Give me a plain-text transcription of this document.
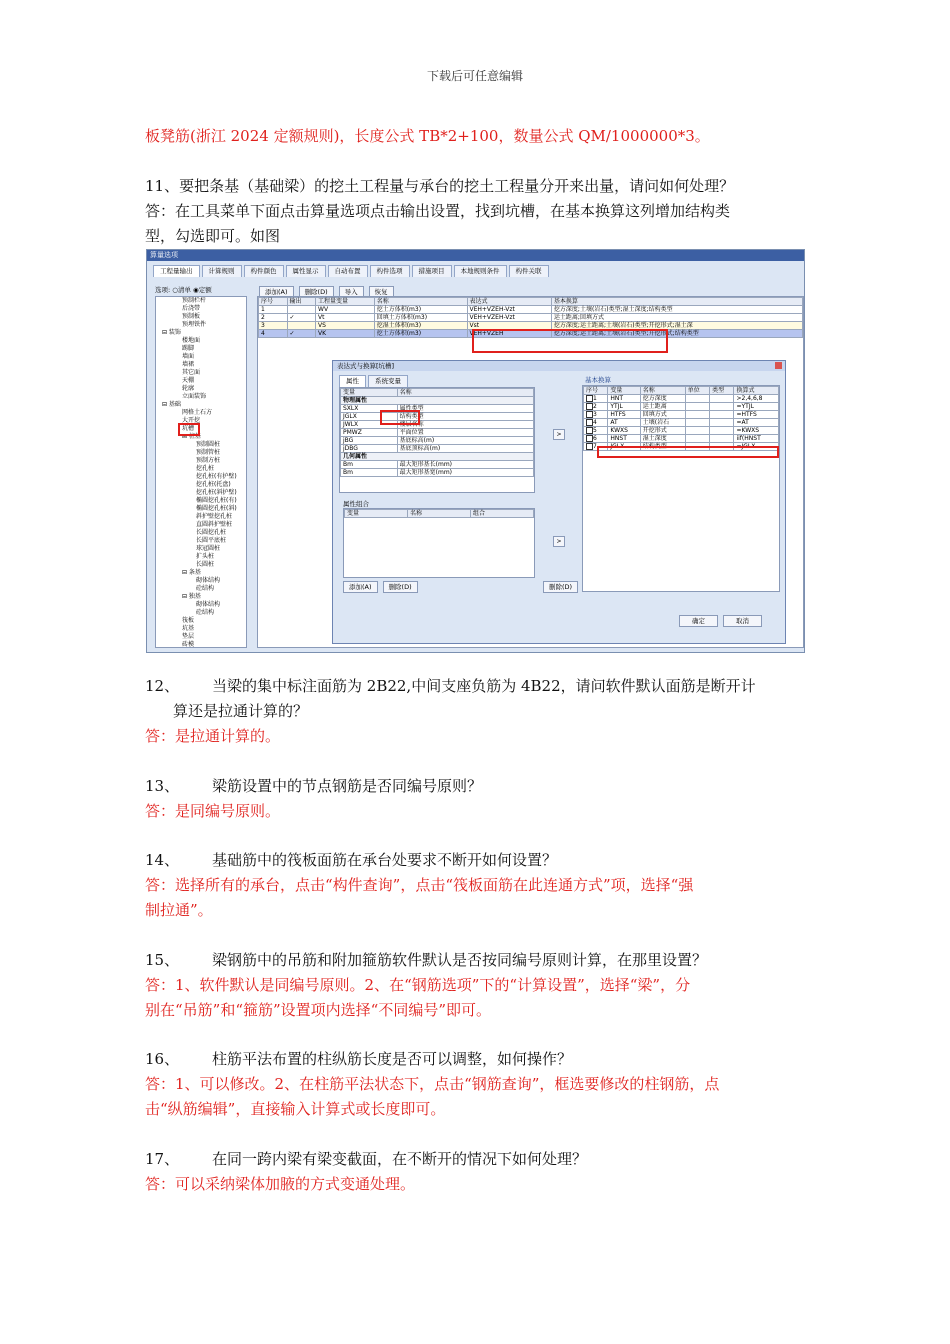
下载后可任意编辑
板凳筋(浙江 2024 定额规则)，长度公式 TB*2+100，数量公式 QM/1000000*3。
11、要把条基（基础梁）的挖土工程量与承台的挖土工程量分开来出量，请问如何处理？
答：在工具菜单下面点击算量选项点击输出设置，找到坑槽，在基本换算这列增加结构类
型，勾选即可。如图
算量选项
工程量输出 计算规则 构件颜色 属性显示 自动布置 构件选项 措施项目 本地规则条件 构件关联
选项: ○清单 ◉定额	添加(A)	删除(D)	导入	恢复
预制栏杆
后浇带
预制板
预埋铁件
⊟ 装饰
楼地面
踢脚
墙面
墙裙
其它面
天棚
轮廓
立面装饰
⊟ 基础
网格土石方
大开挖
坑槽
⊟ 桩基
预制圆桩
预制管桩
预制方桩
挖孔桩
挖孔桩(有护壁)
挖孔桩(托盘)
挖孔桩(斜护壁)
椭圆挖孔桩(有)
椭圆挖孔桩(斜)
斜护壁挖孔桩
直圆斜护壁桩
长圆挖孔桩
长圆平底桩
球冠圆桩
扩头桩
长圆桩
⊟ 条基
砌体结构
砼结构
⊟ 独基
砌体结构
砼结构
筏板
坑基
垫层
砖模
序号	输出	工程量变量	名称	表达式	基本换算
1		WV	挖土方体积(m3)	VEH+VZEH-Vzt	挖方深度;土壤(岩石)类型;湿土深度;结构类型
2	✓	Vt	回填土方体积(m3)	VEH+VZEH-Vzt	运土距离;回填方式
3		VS	挖湿土体积(m3)	Vst	挖方深度;运土距离;土壤(岩石)类型;开挖形式;湿土深
4	✓	VK	挖土方体积(m3)	VEH+VZEH	挖方深度;运土距离;土壤(岩石)类型;开挖形式;结构类型
表达式与换算[坑槽]
属性 系统变量
变量	名称
物理属性	
SXLX	属性类型
JGLX	结构类型
JWLX	楼层名称
PMWZ	平面位置
jBG	基底标高(m)
jDBG	基底顶标高(m)
几何属性	
Bm	最大矩形基长(mm)
Bm	最大矩形基宽(mm)
属性组合
变量	名称	组合
添加(A)	删除(D)
>
>
删除(D)
基本换算
序号	变量	名称	单位	类型	换算式
1	HNT	挖方深度			>2,4,6,8
2	YTJL	运土距离			=YTJL
3	HTFS	回填方式			=HTFS
4	AT	土壤(岩石			=AT
5	KWXS	开挖形式			=KWXS
6	HNST	湿土深度			iif(HNST
7	JGLX	结构类型			=JGLX
确定	取消
12、 当梁的集中标注面筋为 2B22,中间支座负筋为 4B22，请问软件默认面筋是断开计
算还是拉通计算的？
答：是拉通计算的。
13、 梁筋设置中的节点钢筋是否同编号原则？
答：是同编号原则。
14、 基础筋中的筏板面筋在承台处要求不断开如何设置？
答：选择所有的承台，点击“构件查询”，点击“筏板面筋在此连通方式”项，选择“强
制拉通”。
15、 梁钢筋中的吊筋和附加箍筋软件默认是否按同编号原则计算，在那里设置？
答：1、软件默认是同编号原则。2、在“钢筋选项”下的“计算设置”，选择“梁”，分
别在“吊筋”和“箍筋”设置项内选择“不同编号”即可。
16、 柱筋平法布置的柱纵筋长度是否可以调整，如何操作？
答：1、可以修改。2、在柱筋平法状态下，点击“钢筋查询”，框选要修改的柱钢筋，点
击“纵筋编辑”，直接输入计算式或长度即可。
17、 在同一跨内梁有梁变截面，在不断开的情况下如何处理？
答：可以采纳梁体加腋的方式变通处理。
